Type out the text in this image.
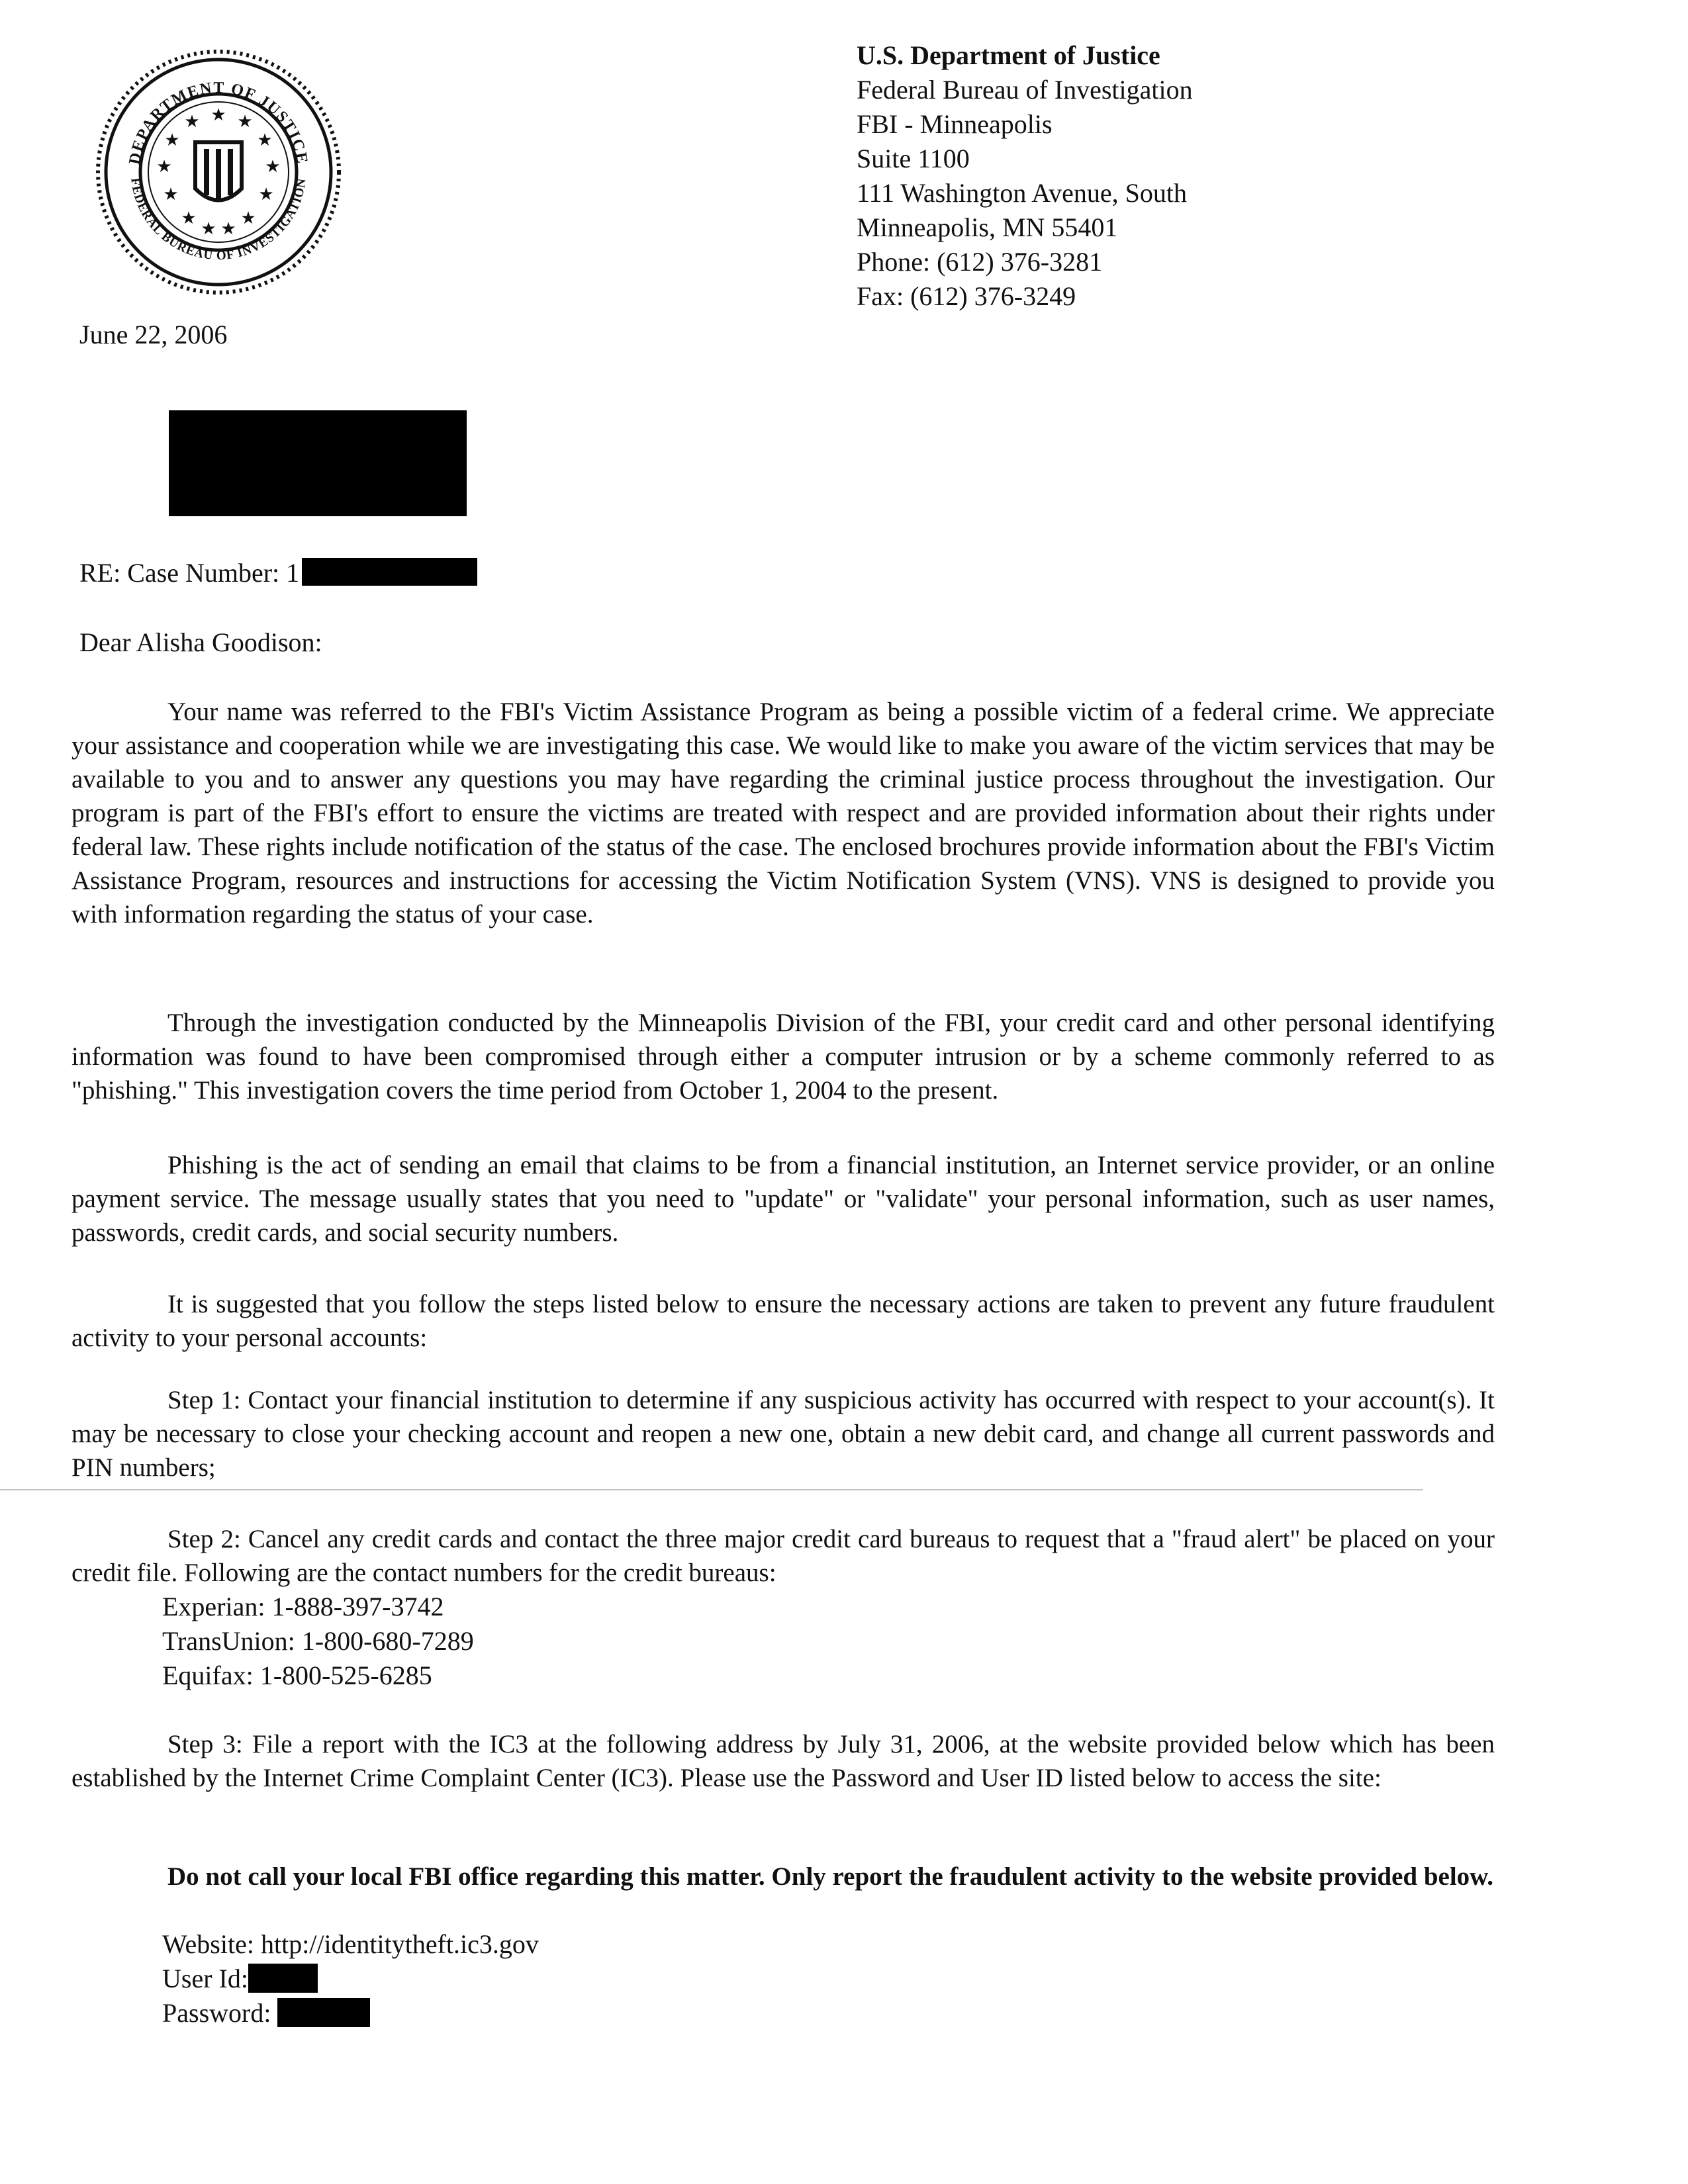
DEPARTMENT OF JUSTICE
FEDERAL BUREAU OF INVESTIGATION
★
★ ★
★	★
★	★
★	★
★	★
★ ★
U.S. Department of Justice
Federal Bureau of Investigation
FBI - Minneapolis
Suite 1100
111 Washington Avenue, South
Minneapolis, MN 55401
Phone: (612) 376-3281
Fax: (612) 376-3249
June 22, 2006
RE: Case Number: 1
Dear Alisha Goodison:

Your name was referred to the FBI's Victim Assistance Program as being a possible victim of a federal crime. We appreciate your assistance and cooperation while we are investigating this case. We would like to make you aware of the victim services that may be available to you and to answer any questions you may have regarding the criminal justice process throughout the investigation. Our program is part of the FBI's effort to ensure the victims are treated with respect and are provided information about their rights under federal law. These rights include notification of the status of the case. The enclosed brochures provide information about the FBI's Victim Assistance Program, resources and instructions for accessing the Victim Notification System (VNS). VNS is designed to provide you with information regarding the status of your case.

Through the investigation conducted by the Minneapolis Division of the FBI, your credit card and other personal identifying information was found to have been compromised through either a computer intrusion or by a scheme commonly referred to as "phishing." This investigation covers the time period from October 1, 2004 to the present.

Phishing is the act of sending an email that claims to be from a financial institution, an Internet service provider, or an online payment service. The message usually states that you need to "update" or "validate" your personal information, such as user names, passwords, credit cards, and social security numbers.

It is suggested that you follow the steps listed below to ensure the necessary actions are taken to prevent any future fraudulent activity to your personal accounts:

Step 1: Contact your financial institution to determine if any suspicious activity has occurred with respect to your account(s). It may be necessary to close your checking account and reopen a new one, obtain a new debit card, and change all current passwords and PIN numbers;

Step 2: Cancel any credit cards and contact the three major credit card bureaus to request that a "fraud alert" be placed on your credit file. Following are the contact numbers for the credit bureaus:

Experian: 1-888-397-3742
TransUnion: 1-800-680-7289
Equifax: 1-800-525-6285

Step 3: File a report with the IC3 at the following address by July 31, 2006, at the website provided below which has been established by the Internet Crime Complaint Center (IC3). Please use the Password and User ID listed below to access the site:

Do not call your local FBI office regarding this matter. Only report the fraudulent activity to the website provided below.

Website: http://identitytheft.ic3.gov
User Id:
Password:
